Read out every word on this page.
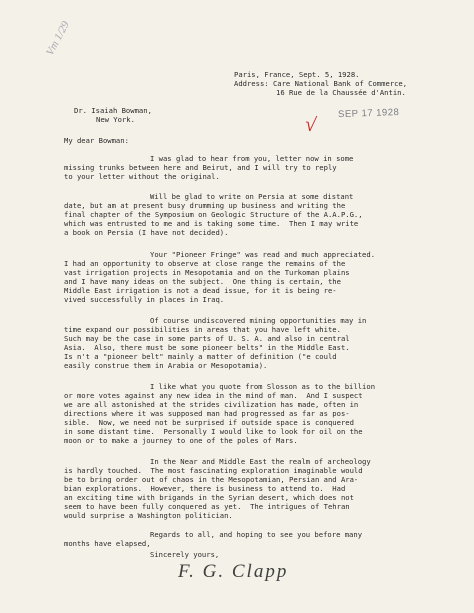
Vm 1/29
Paris, France, Sept. 5, 1928.
Address: Care National Bank of Commerce,
16 Rue de la Chaussée d'Antin.
Dr. Isaiah Bowman,
New York.	SEP 17 1928
√
My dear Bowman:
I was glad to hear from you, letter now in some
missing trunks between here and Beirut, and I will try to reply
to your letter without the original.
Will be glad to write on Persia at some distant
date, but am at present busy drumming up business and writing the
final chapter of the Symposium on Geologic Structure of the A.A.P.G.,
which was entrusted to me and is taking some time.  Then I may write
a book on Persia (I have not decided).
Your "Pioneer Fringe" was read and much appreciated.
I had an opportunity to observe at close range the remains of the
vast irrigation projects in Mesopotamia and on the Turkoman plains
and I have many ideas on the subject.  One thing is certain, the
Middle East irrigation is not a dead issue, for it is being re-
vived successfully in places in Iraq.
Of course undiscovered mining opportunities may in
time expand our possibilities in areas that you have left white.
Such may be the case in some parts of U. S. A. and also in central
Asia.  Also, there must be some pioneer belts" in the Middle East.
Is n't a "pioneer belt" mainly a matter of definition ("e could
easily construe them in Arabia or Mesopotamia).
I like what you quote from Slosson as to the billion
or more votes against any new idea in the mind of man.  And I suspect
we are all astonished at the strides civilization has made, often in
directions where it was supposed man had progressed as far as pos-
sible.  Now, we need not be surprised if outside space is conquered
in some distant time.  Personally I would like to look for oil on the
moon or to make a journey to one of the poles of Mars.
In the Near and Middle East the realm of archeology
is hardly touched.  The most fascinating exploration imaginable would
be to bring order out of chaos in the Mesopotamian, Persian and Ara-
bian explorations.  However, there is business to attend to.  Had
an exciting time with brigands in the Syrian desert, which does not
seem to have been fully conquered as yet.  The intrigues of Tehran
would surprise a Washington politician.
Regards to all, and hoping to see you before many
months have elapsed,
Sincerely yours,
F. G. Clapp
